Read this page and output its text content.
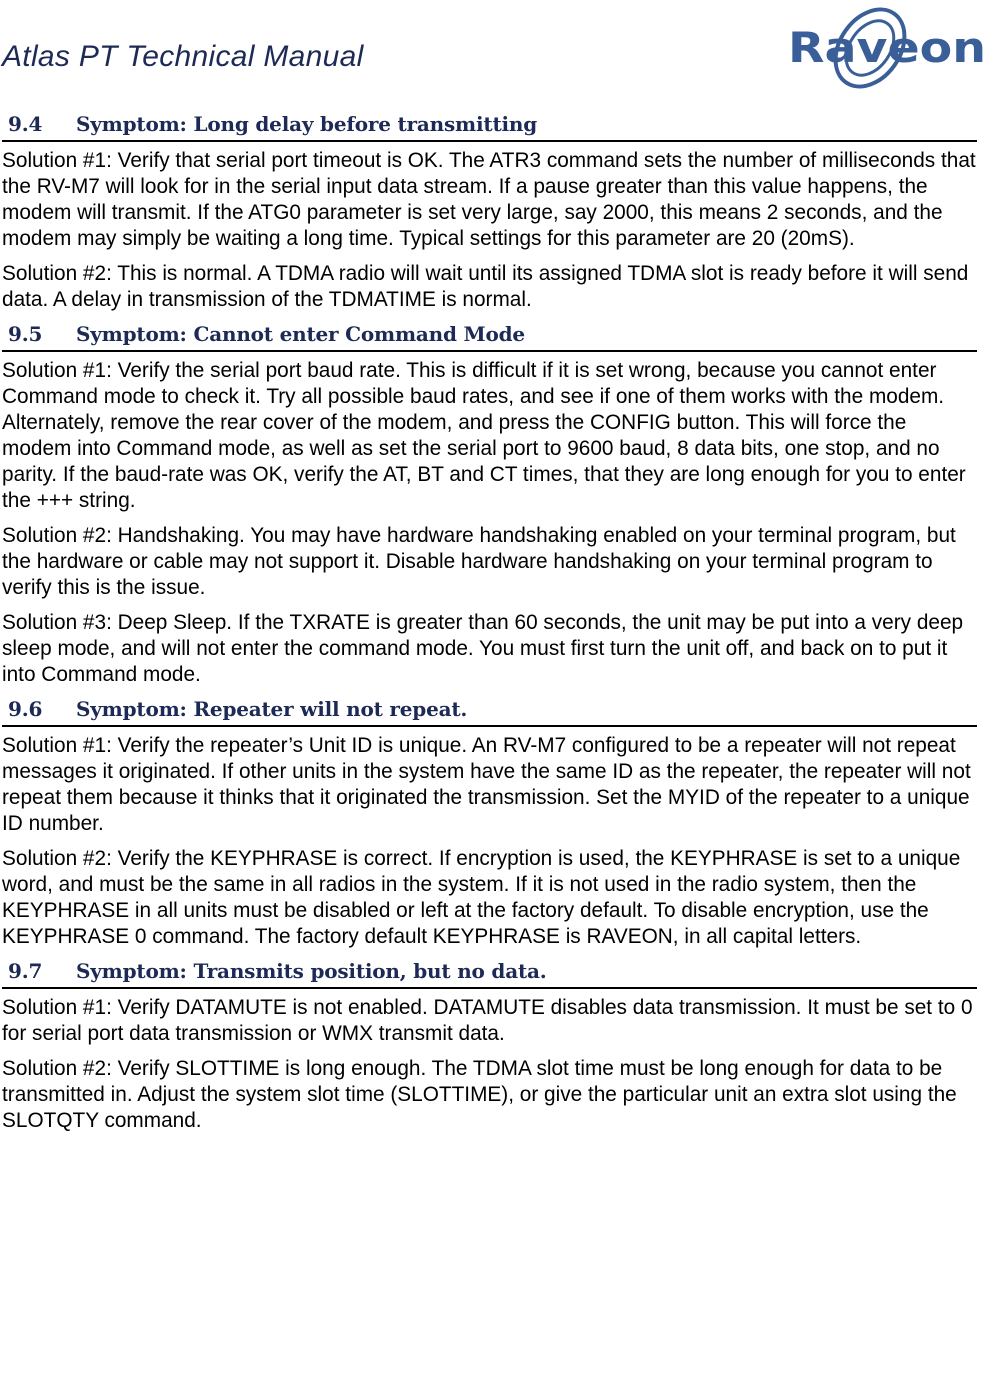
Atlas PT Technical Manual	Raveon
9.4 Symptom: Long delay before transmitting

Solution #1: Verify that serial port timeout is OK. The ATR3 command sets the number of milliseconds that the RV-M7 will look for in the serial input data stream. If a pause greater than this value happens, the modem will transmit. If the ATG0 parameter is set very large, say 2000, this means 2 seconds, and the modem may simply be waiting a long time. Typical settings for this parameter are 20 (20mS).

Solution #2: This is normal. A TDMA radio will wait until its assigned TDMA slot is ready before it will send data. A delay in transmission of the TDMATIME is normal.

9.5 Symptom: Cannot enter Command Mode

Solution #1: Verify the serial port baud rate. This is difficult if it is set wrong, because you cannot enter Command mode to check it. Try all possible baud rates, and see if one of them works with the modem. Alternately, remove the rear cover of the modem, and press the CONFIG button. This will force the modem into Command mode, as well as set the serial port to 9600 baud, 8 data bits, one stop, and no parity. If the baud-rate was OK, verify the AT, BT and CT times, that they are long enough for you to enter the +++ string.

Solution #2: Handshaking. You may have hardware handshaking enabled on your terminal program, but the hardware or cable may not support it. Disable hardware handshaking on your terminal program to verify this is the issue.

Solution #3: Deep Sleep. If the TXRATE is greater than 60 seconds, the unit may be put into a very deep sleep mode, and will not enter the command mode. You must first turn the unit off, and back on to put it into Command mode.

9.6 Symptom: Repeater will not repeat.

Solution #1: Verify the repeater’s Unit ID is unique. An RV-M7 configured to be a repeater will not repeat messages it originated. If other units in the system have the same ID as the repeater, the repeater will not repeat them because it thinks that it originated the transmission. Set the MYID of the repeater to a unique ID number.

Solution #2: Verify the KEYPHRASE is correct. If encryption is used, the KEYPHRASE is set to a unique word, and must be the same in all radios in the system. If it is not used in the radio system, then the KEYPHRASE in all units must be disabled or left at the factory default. To disable encryption, use the KEYPHRASE 0 command. The factory default KEYPHRASE is RAVEON, in all capital letters.

9.7 Symptom: Transmits position, but no data.

Solution #1: Verify DATAMUTE is not enabled. DATAMUTE disables data transmission. It must be set to 0 for serial port data transmission or WMX transmit data.

Solution #2: Verify SLOTTIME is long enough. The TDMA slot time must be long enough for data to be transmitted in. Adjust the system slot time (SLOTTIME), or give the particular unit an extra slot using the SLOTQTY command.
